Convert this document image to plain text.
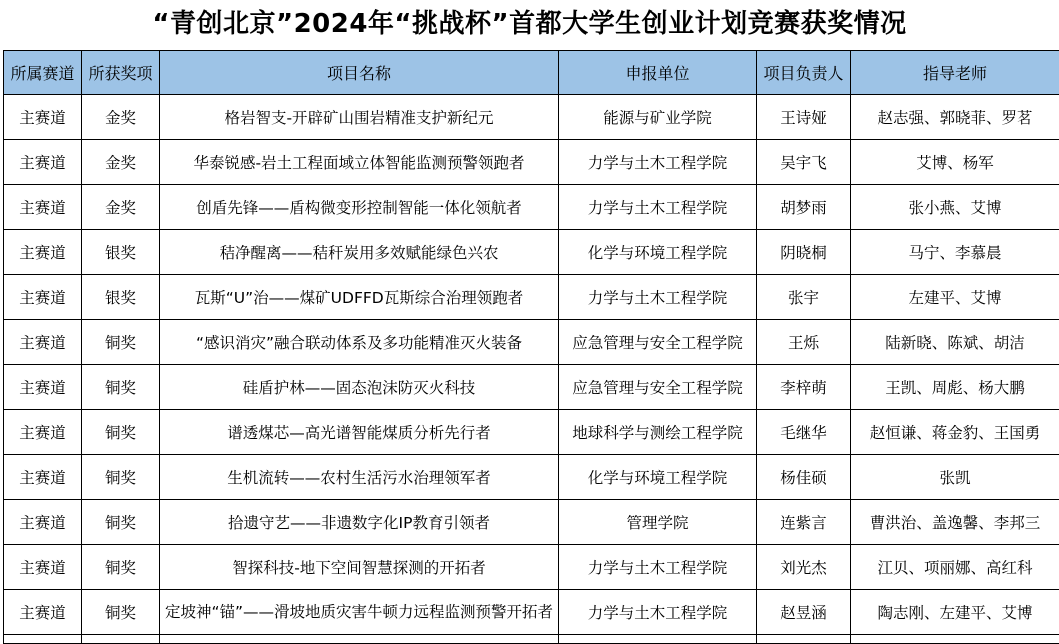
“青创北京”2024年“挑战杯”首都大学生创业计划竞赛获奖情况
所属赛道	所获奖项	项目名称	申报单位	项目负责人	指导老师
主赛道	金奖	格岩智支-开辟矿山围岩精准支护新纪元	能源与矿业学院	王诗娅	赵志强、郭晓菲、罗茗
主赛道	金奖	华泰锐感-岩土工程面域立体智能监测预警领跑者	力学与土木工程学院	吴宇飞	艾博、杨军
主赛道	金奖	创盾先锋——盾构微变形控制智能一体化领航者	力学与土木工程学院	胡梦雨	张小燕、艾博
主赛道	银奖	秸净醒离——秸秆炭用多效赋能绿色兴农	化学与环境工程学院	阴晓桐	马宁、李慕晨
主赛道	银奖	瓦斯“U”治——煤矿UDFFD瓦斯综合治理领跑者	力学与土木工程学院	张宇	左建平、艾博
主赛道	铜奖	“感识消灾”融合联动体系及多功能精准灭火装备	应急管理与安全工程学院	王烁	陆新晓、陈斌、胡洁
主赛道	铜奖	硅盾护林——固态泡沫防灭火科技	应急管理与安全工程学院	李梓萌	王凯、周彪、杨大鹏
主赛道	铜奖	谱透煤芯—高光谱智能煤质分析先行者	地球科学与测绘工程学院	毛继华	赵恒谦、蒋金豹、王国勇
主赛道	铜奖	生机流转——农村生活污水治理领军者	化学与环境工程学院	杨佳硕	张凯
主赛道	铜奖	拾遗守艺——非遗数字化IP教育引领者	管理学院	连紫言	曹洪治、盖逸馨、李邦三
主赛道	铜奖	智探科技-地下空间智慧探测的开拓者	力学与土木工程学院	刘光杰	江贝、项丽娜、高红科
主赛道	铜奖	定坡神“锚”——滑坡地质灾害牛顿力远程监测预警开拓者	力学与土木工程学院	赵昱涵	陶志刚、左建平、艾博
